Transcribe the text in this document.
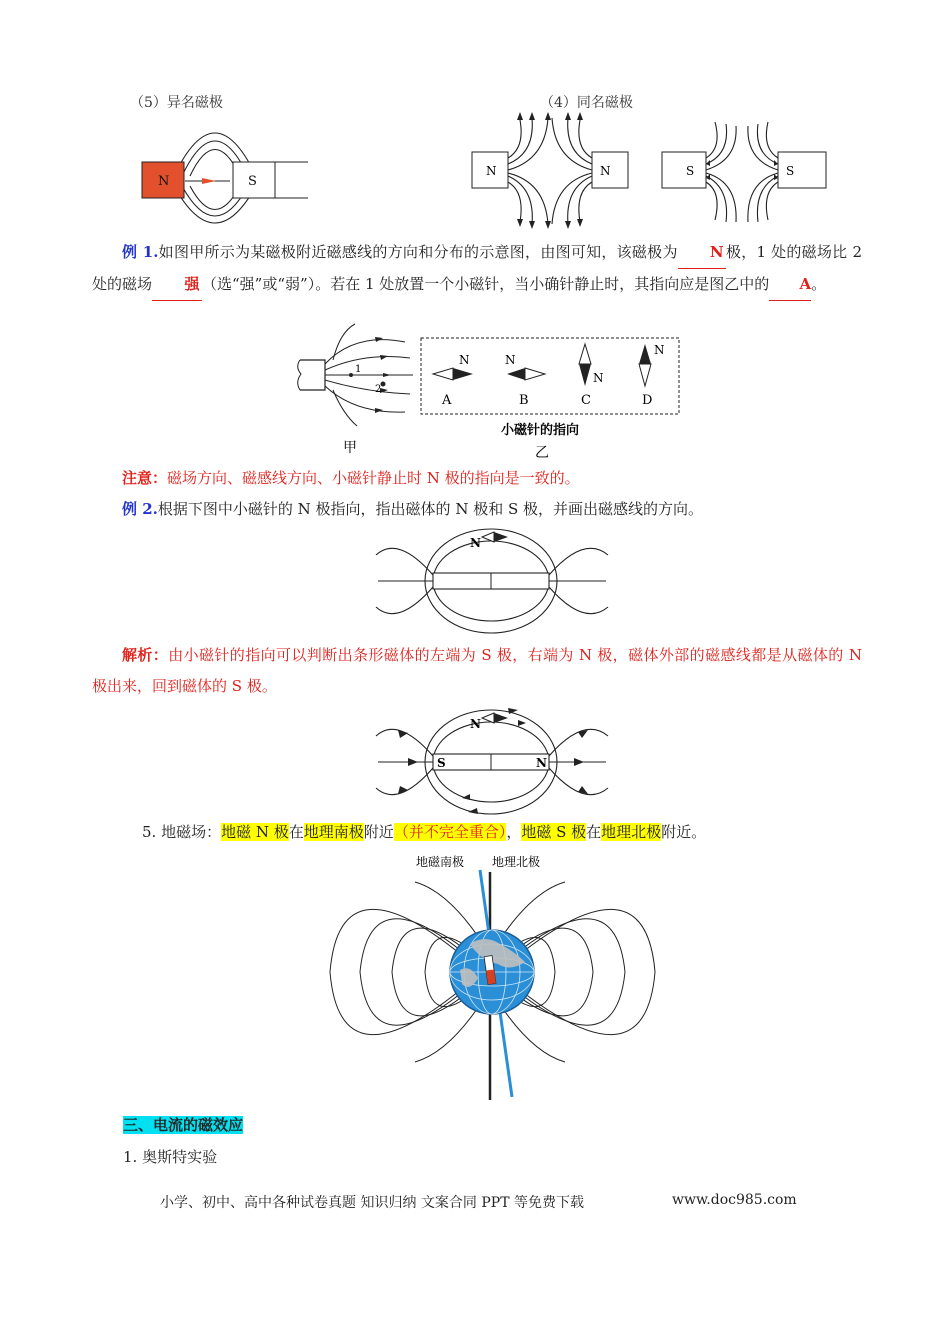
（5）异名磁极	（4）同名磁极
N	S
N	N	S	S
例 1.如图甲所示为某磁极附近磁感线的方向和分布的示意图，由图可知，该磁极为 N 极，1 处的磁场比 2 处的磁场 强 （选“强”或“弱”）。若在 1 处放置一个小磁针，当小确针静止时，其指向应是图乙中的 A。
1
2
甲
N	N
N
N
A	B	C	D
小磁针的指向
乙
注意：磁场方向、磁感线方向、小磁针静止时 N 极的指向是一致的。
例 2.根据下图中小磁针的 N 极指向，指出磁体的 N 极和 S 极，并画出磁感线的方向。
N
解析：由小磁针的指向可以判断出条形磁体的左端为 S 极，右端为 N 极，磁体外部的磁感线都是从磁体的 N 极出来，回到磁体的 S 极。
S	N
N
5. 地磁场：地磁 N 极在地理南极附近（并不完全重合），地磁 S 极在地理北极附近。
地磁南极 地理北极
三、电流的磁效应
1. 奥斯特实验
小学、初中、高中各种试卷真题 知识归纳 文案合同 PPT 等免费下载	www.doc985.com
